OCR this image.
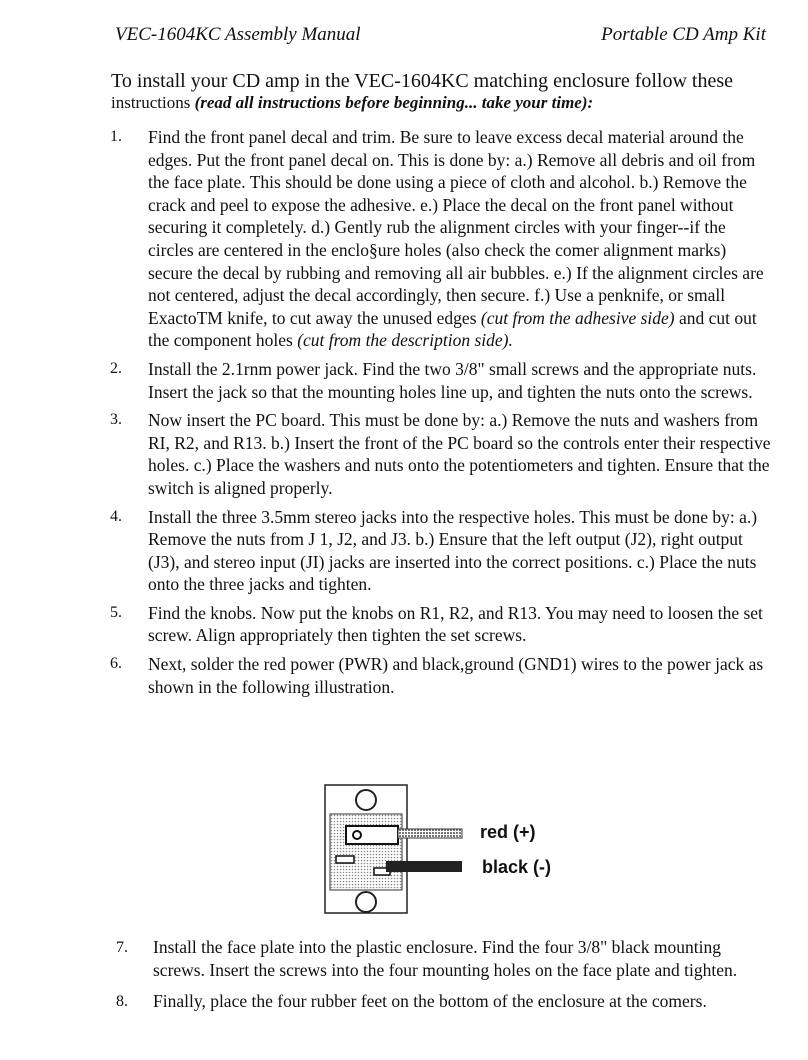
VEC-1604KC Assembly Manual	Portable CD Amp Kit
To install your CD amp in the VEC-1604KC matching enclosure follow these
instructions (read all instructions before beginning... take your time):
1. Find the front panel decal and trim. Be sure to leave excess decal material around the edges. Put the front panel decal on. This is done by: a.) Remove all debris and oil from the face plate. This should be done using a piece of cloth and alcohol. b.) Remove the crack and peel to expose the adhesive. e.) Place the decal on the front panel without securing it completely. d.) Gently rub the alignment circles with your finger--if the circles are centered in the enclo§ure holes (also check the comer alignment marks) secure the decal by rubbing and removing all air bubbles. e.) If the alignment circles are not centered, adjust the decal accordingly, then secure. f.) Use a penknife, or small ExactoTM knife, to cut away the unused edges (cut from the adhesive side) and cut out the component holes (cut from the description side).
2. Install the 2.1rnm power jack. Find the two 3/8" small screws and the appropriate nuts. Insert the jack so that the mounting holes line up, and tighten the nuts onto the screws.
3. Now insert the PC board. This must be done by: a.) Remove the nuts and washers from RI, R2, and R13. b.) Insert the front of the PC board so the controls enter their respective holes. c.) Place the washers and nuts onto the potentiometers and tighten. Ensure that the switch is aligned properly.
4. Install the three 3.5mm stereo jacks into the respective holes. This must be done by: a.) Remove the nuts from J 1, J2, and J3. b.) Ensure that the left output (J2), right output (J3), and stereo input (JI) jacks are inserted into the correct positions. c.) Place the nuts onto the three jacks and tighten.
5. Find the knobs. Now put the knobs on R1, R2, and R13. You may need to loosen the set screw. Align appropriately then tighten the set screws.
6. Next, solder the red power (PWR) and black,ground (GND1) wires to the power jack as shown in the following illustration.
red (+)
black (-)
7. Install the face plate into the plastic enclosure. Find the four 3/8" black mounting screws. Insert the screws into the four mounting holes on the face plate and tighten.
8. Finally, place the four rubber feet on the bottom of the enclosure at the comers.
